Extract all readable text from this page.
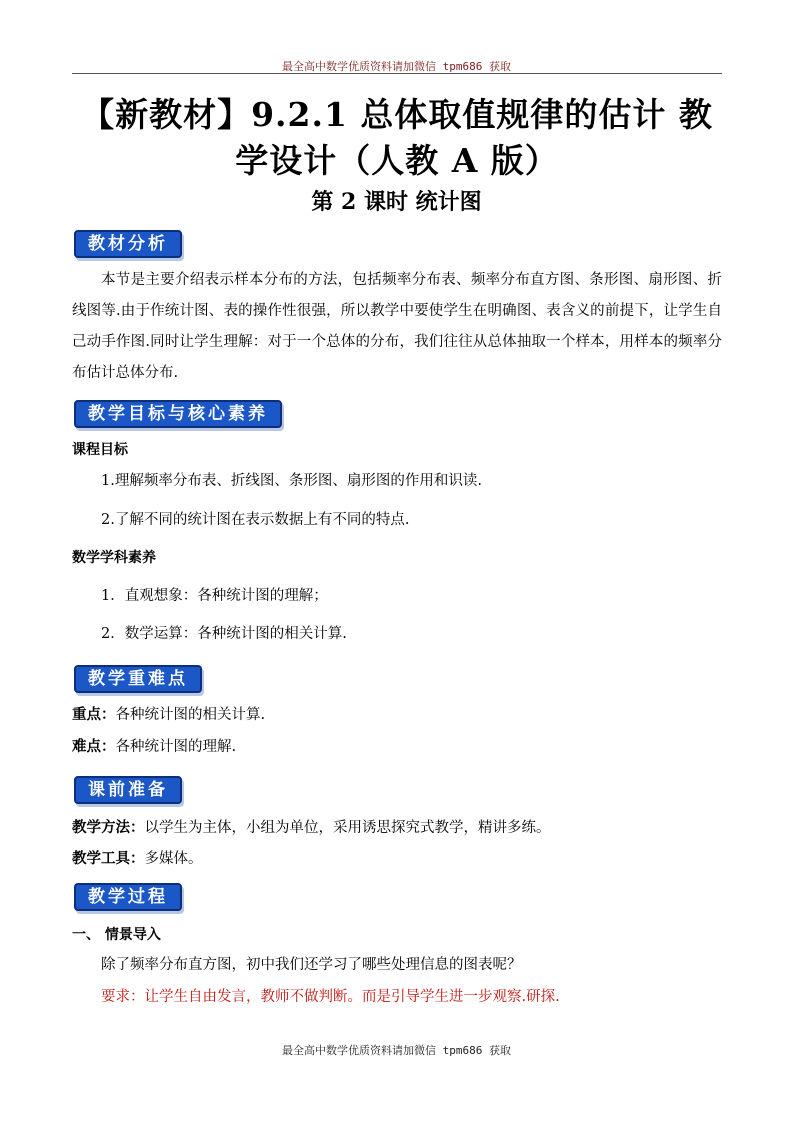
最全高中数学优质资料请加微信 tpm686 获取
【新教材】9.2.1 总体取值规律的估计 教学设计（人教 A 版）
第 2 课时 统计图
教材分析
本节是主要介绍表示样本分布的方法，包括频率分布表、频率分布直方图、条形图、扇形图、折线图等.由于作统计图、表的操作性很强，所以教学中要使学生在明确图、表含义的前提下，让学生自己动手作图.同时让学生理解：对于一个总体的分布，我们往往从总体抽取一个样本，用样本的频率分布估计总体分布.
教学目标与核心素养
课程目标
1.理解频率分布表、折线图、条形图、扇形图的作用和识读.
2.了解不同的统计图在表示数据上有不同的特点.
数学学科素养
1．直观想象：各种统计图的理解；
2．数学运算：各种统计图的相关计算.
教学重难点
重点：各种统计图的相关计算.
难点：各种统计图的理解.
课前准备
教学方法：以学生为主体，小组为单位，采用诱思探究式教学，精讲多练。
教学工具：多媒体。
教学过程
一、 情景导入
除了频率分布直方图，初中我们还学习了哪些处理信息的图表呢？
要求：让学生自由发言，教师不做判断。而是引导学生进一步观察.研探.
最全高中数学优质资料请加微信 tpm686 获取
